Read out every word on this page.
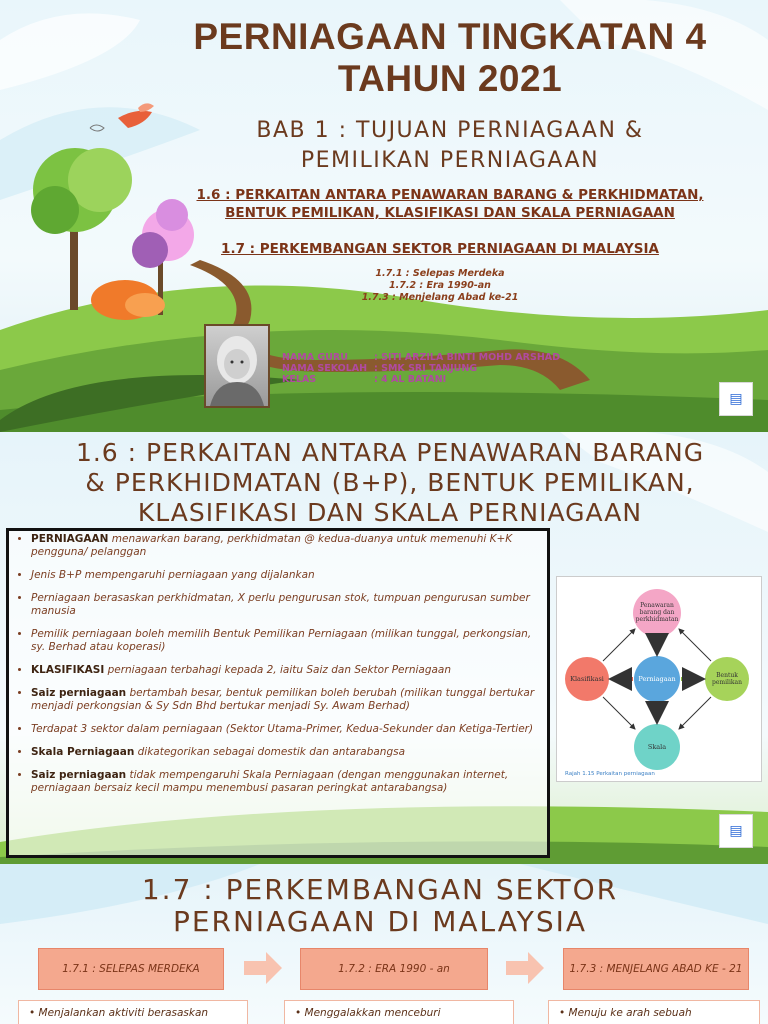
PERNIAGAAN TINGKATAN 4
TAHUN 2021
BAB 1 : TUJUAN PERNIAGAAN &
PEMILIKAN PERNIAGAAN
1.6 : PERKAITAN ANTARA PENAWARAN BARANG & PERKHIDMATAN,
BENTUK PEMILIKAN, KLASIFIKASI DAN SKALA PERNIAGAAN
1.7 : PERKEMBANGAN SEKTOR PERNIAGAAN DI MALAYSIA
1.7.1 : Selepas Merdeka
1.7.2 : Era 1990-an
1.7.3 : Menjelang Abad ke-21
NAMA GURU	: SITI ARZILA BINTI MOHD ARSHAD
NAMA SEKOLAH : SMK SRI TANJUNG
KELAS	: 4 AL BATANI
▤
1.6 : PERKAITAN ANTARA PENAWARAN BARANG
& PERKHIDMATAN (B+P), BENTUK PEMILIKAN,
KLASIFIKASI DAN SKALA PERNIAGAAN
• PERNIAGAAN menawarkan barang, perkhidmatan @ kedua-duanya untuk memenuhi K+K pengguna/ pelanggan
• Jenis B+P mempengaruhi perniagaan yang dijalankan
• Perniagaan berasaskan perkhidmatan, X perlu pengurusan stok, tumpuan pengurusan sumber manusia
• Pemilik perniagaan boleh memilih Bentuk Pemilikan Perniagaan (milikan tunggal, perkongsian, sy. Berhad atau koperasi)
• KLASIFIKASI perniagaan terbahagi kepada 2, iaitu Saiz dan Sektor Perniagaan
• Saiz perniagaan bertambah besar, bentuk pemilikan boleh berubah (milikan tunggal bertukar menjadi perkongsian & Sy Sdn Bhd bertukar menjadi Sy. Awam Berhad)
• Terdapat 3 sektor dalam perniagaan (Sektor Utama-Primer, Kedua-Sekunder dan Ketiga-Tertier)
• Skala Perniagaan dikategorikan sebagai domestik dan antarabangsa
• Saiz perniagaan tidak mempengaruhi Skala Perniagaan (dengan menggunakan internet, perniagaan bersaiz kecil mampu menembusi pasaran peringkat antarabangsa)
Penawaran barang dan perkhidmatan
Klasifikasi	Perniagaan	Bentuk pemilikan
Skala
Rajah 1.15 Perkaitan perniagaan
▤
1.7 : PERKEMBANGAN SEKTOR
PERNIAGAAN DI MALAYSIA
1.7.1 : SELEPAS MERDEKA	1.7.2 : ERA 1990 - an	1.7.3 : MENJELANG ABAD KE - 21
• Menjalankan aktiviti berasaskan	• Menggalakkan menceburi	• Menuju ke arah sebuah
